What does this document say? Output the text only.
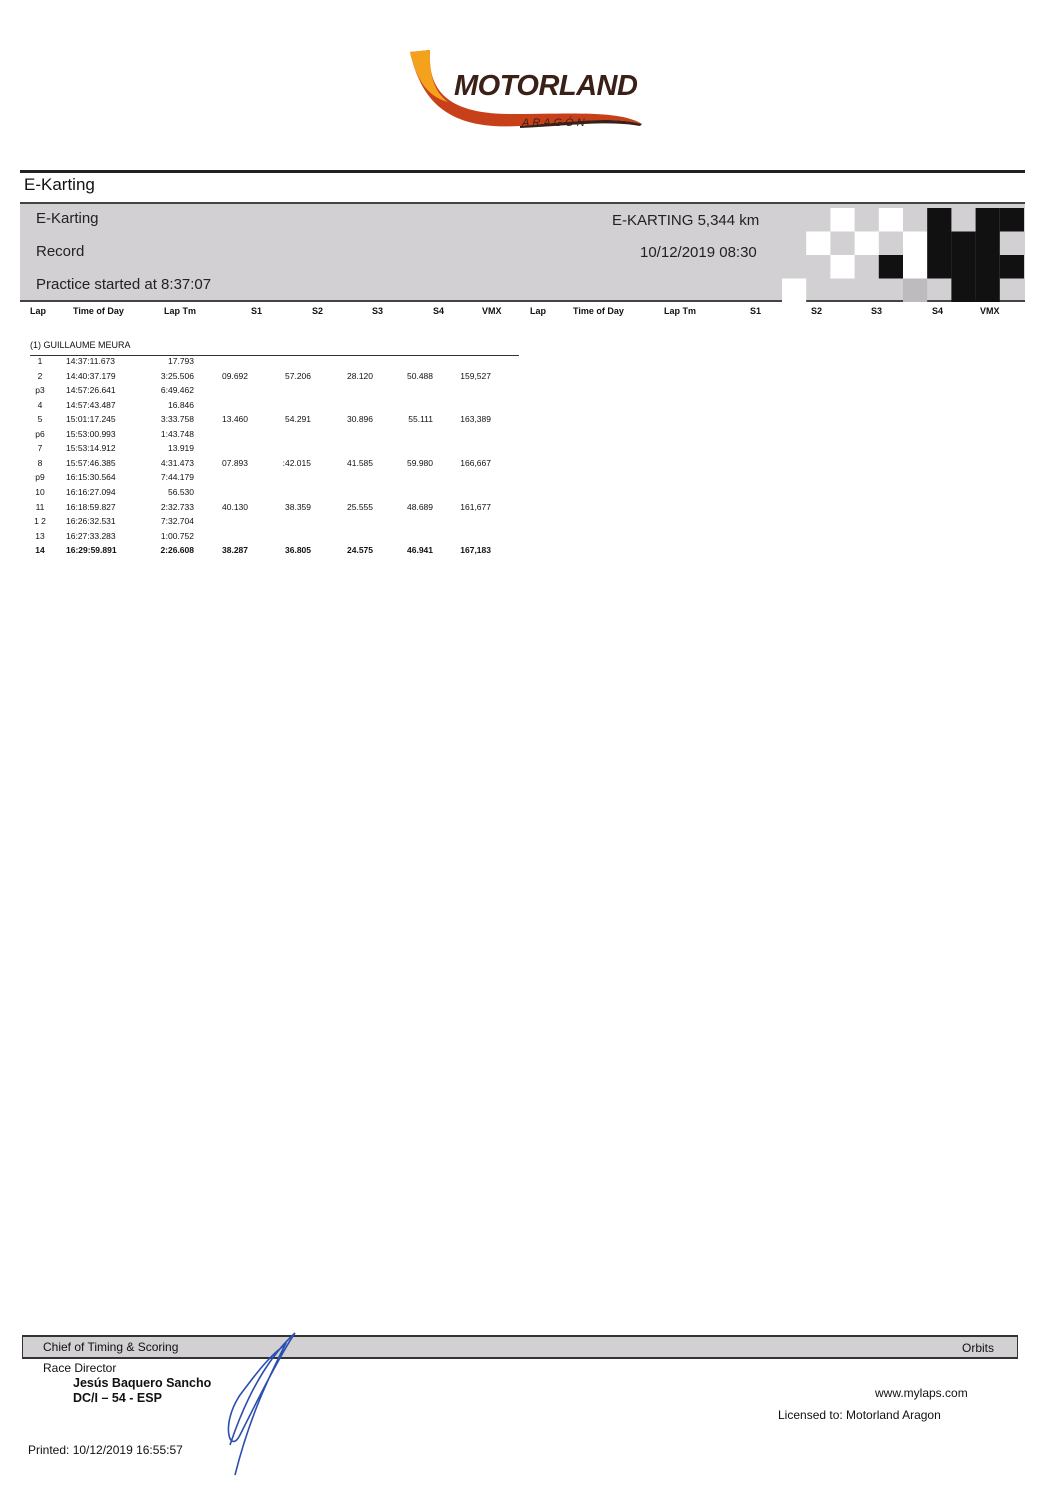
MOTORLAND
ARAGÓN
E-Karting
E-Karting
Record
Practice started at 8:37:07
E-KARTING 5,344 km
10/12/2019 08:30
Lap	Time of Day	Lap Tm	S1	S2	S3	S4	VMX	Lap	Time of Day	Lap Tm	S1	S2	S3	S4	VMX
(1) GUILLAUME MEURA
1	14:37:11.673	17.793
2	14:40:37.179	3:25.506	09.692	57.206	28.120	50.488	159,527
p3	14:57:26.641	6:49.462
4	14:57:43.487	16.846
5	15:01:17.245	3:33.758	13.460	54.291	30.896	55.111	163,389
p6	15:53:00.993	1:43.748
7	15:53:14.912	13.919
8	15:57:46.385	4:31.473	07.893	:42.015	41.585	59.980	166,667
p9	16:15:30.564	7:44.179
10	16:16:27.094	56.530
11	16:18:59.827	2:32.733	40.130	38.359	25.555	48.689	161,677
1 2	16:26:32.531	7:32.704
13	16:27:33.283	1:00.752
14	16:29:59.891	2:26.608	38.287	36.805	24.575	46.941	167,183
Chief of Timing & Scoring	Orbits
Race Director
Jesús Baquero Sancho
DC/I – 54 - ESP	www.mylaps.com
Licensed to: Motorland Aragon
Printed: 10/12/2019 16:55:57
